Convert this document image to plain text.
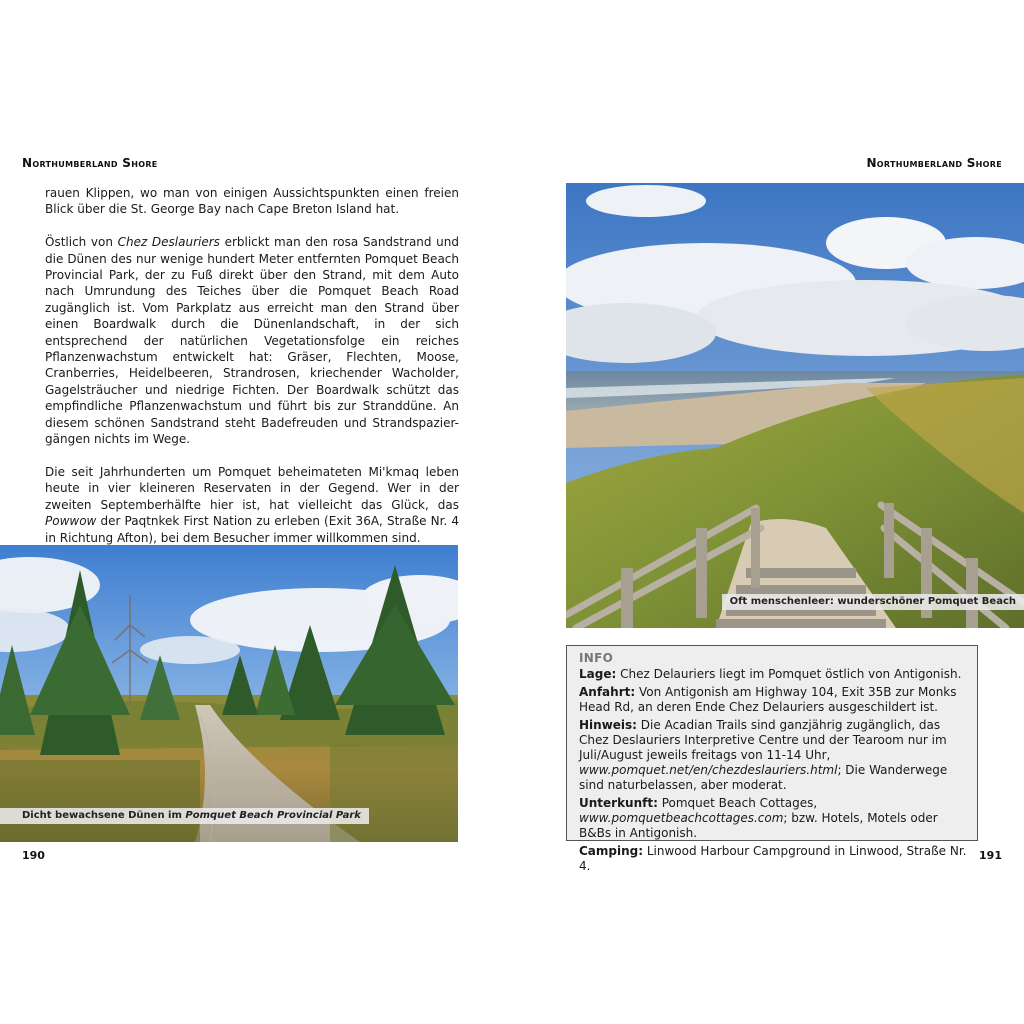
Northumberland Shore	Northumberland Shore

rauen Klippen, wo man von einigen Aussichtspunkten einen freien Blick über die St. George Bay nach Cape Breton Island hat.

Östlich von Chez Deslauriers erblickt man den rosa Sandstrand und die Dünen des nur wenige hundert Meter entfernten Pomquet Beach Provincial Park, der zu Fuß direkt über den Strand, mit dem Auto nach Umrundung des Teiches über die Pomquet Beach Road zugänglich ist. Vom Parkplatz aus erreicht man den Strand über einen Boardwalk durch die Dünenlandschaft, in der sich entsprechend der natürlichen Vegetationsfolge ein reiches Pflanzenwachstum entwickelt hat: Gräser, Flechten, Moose, Cranberries, Heidelbeeren, Strandrosen, kriechender Wacholder, Gagelsträucher und niedrige Fichten. Der Boardwalk schützt das empfindliche Pflanzenwachstum und führt bis zur Stranddüne. An diesem schönen Sandstrand steht Badefreuden und Strandspazier-gängen nichts im Wege.

Die seit Jahrhunderten um Pomquet beheimateten Mi'kmaq leben heute in vier kleineren Reservaten in der Gegend. Wer in der zweiten Septemberhälfte hier ist, hat vielleicht das Glück, das Powwow der Paqtnkek First Nation zu erleben (Exit 36A, Straße Nr. 4 in Richtung Afton), bei dem Besucher immer willkommen sind.

Dicht bewachsene Dünen im Pomquet Beach Provincial Park
190
Oft menschenleer: wunderschöner Pomquet Beach
INFO
Lage: Chez Delauriers liegt im Pomquet östlich von Antigonish.
Anfahrt: Von Antigonish am Highway 104, Exit 35B zur Monks Head Rd, an deren Ende Chez Delauriers ausgeschildert ist.
Hinweis: Die Acadian Trails sind ganzjährig zugänglich, das Chez Deslauriers Interpretive Centre und der Tearoom nur im Juli/August jeweils freitags von 11-14 Uhr, www.pomquet.net/en/chezdeslauriers.html; Die Wanderwege sind naturbelassen, aber moderat.
Unterkunft: Pomquet Beach Cottages, www.pomquetbeachcottages.com; bzw. Hotels, Motels oder B&Bs in Antigonish.
Camping: Linwood Harbour Campground in Linwood, Straße Nr. 4.
191
